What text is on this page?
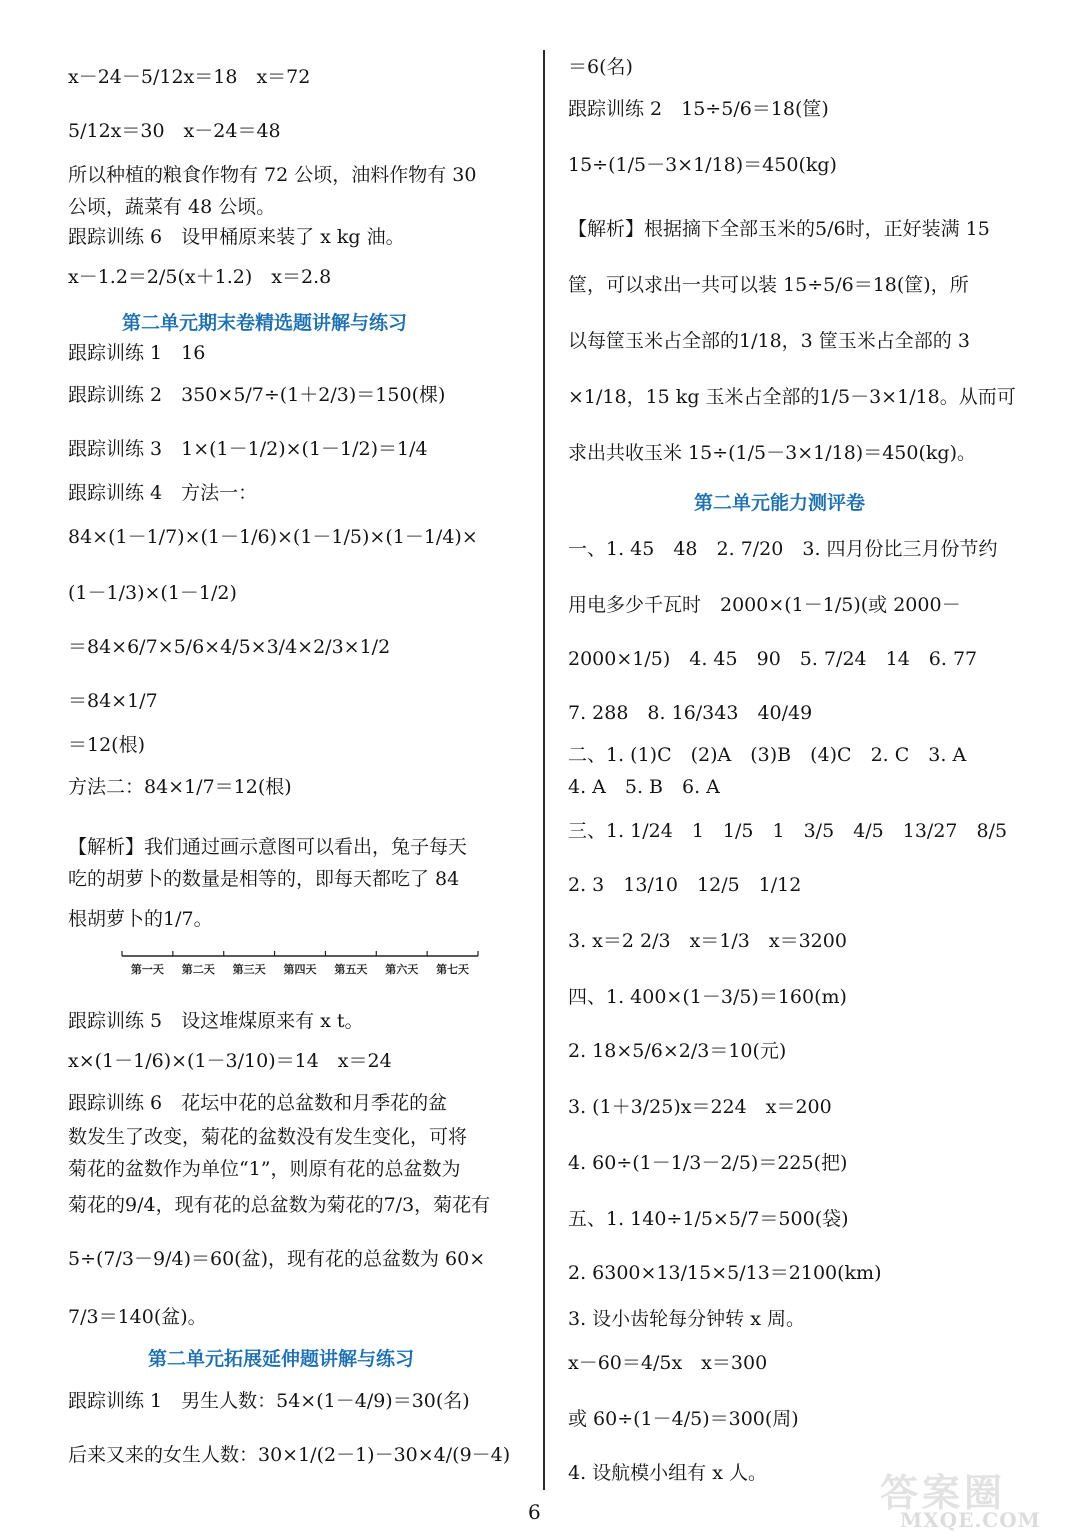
x－24－5/12x＝18　x＝72
5/12x＝30　x－24＝48
所以种植的粮食作物有 72 公顷，油料作物有 30
公顷，蔬菜有 48 公顷。
跟踪训练 6　设甲桶原来装了 x kg 油。
x－1.2＝2/5(x＋1.2)　x＝2.8
第二单元期末卷精选题讲解与练习
跟踪训练 1　16
跟踪训练 2　350×5/7÷(1＋2/3)＝150(棵)
跟踪训练 3　1×(1－1/2)×(1－1/2)＝1/4
跟踪训练 4　方法一：
84×(1－1/7)×(1－1/6)×(1－1/5)×(1－1/4)×
(1－1/3)×(1－1/2)
＝84×6/7×5/6×4/5×3/4×2/3×1/2
＝84×1/7
＝12(根)
方法二：84×1/7＝12(根)
【解析】我们通过画示意图可以看出，兔子每天
吃的胡萝卜的数量是相等的，即每天都吃了 84
根胡萝卜的1/7。
跟踪训练 5　设这堆煤原来有 x t。
x×(1－1/6)×(1－3/10)＝14　x＝24
跟踪训练 6　花坛中花的总盆数和月季花的盆
数发生了改变，菊花的盆数没有发生变化，可将
菊花的盆数作为单位“1”，则原有花的总盆数为
菊花的9/4，现有花的总盆数为菊花的7/3，菊花有
5÷(7/3－9/4)＝60(盆)，现有花的总盆数为 60×
7/3＝140(盆)。
第二单元拓展延伸题讲解与练习
跟踪训练 1　男生人数：54×(1－4/9)＝30(名)
后来又来的女生人数：30×1/(2－1)－30×4/(9－4)
＝6(名)
跟踪训练 2　15÷5/6＝18(筐)
15÷(1/5－3×1/18)＝450(kg)
【解析】根据摘下全部玉米的5/6时，正好装满 15
筐，可以求出一共可以装 15÷5/6＝18(筐)，所
以每筐玉米占全部的1/18，3 筐玉米占全部的 3
×1/18，15 kg 玉米占全部的1/5－3×1/18。从而可
求出共收玉米 15÷(1/5－3×1/18)＝450(kg)。
第二单元能力测评卷
一、1. 45　48　2. 7/20　3. 四月份比三月份节约
用电多少千瓦时　2000×(1－1/5)(或 2000－
2000×1/5)　4. 45　90　5. 7/24　14　6. 77
7. 288　8. 16/343　40/49
二、1. (1)C　(2)A　(3)B　(4)C　2. C　3. A
4. A　5. B　6. A
三、1. 1/24　1　1/5　1　3/5　4/5　13/27　8/5
2. 3　13/10　12/5　1/12
3. x＝2 2/3　x＝1/3　x＝3200
四、1. 400×(1－3/5)＝160(m)
2. 18×5/6×2/3＝10(元)
3. (1＋3/25)x＝224　x＝200
4. 60÷(1－1/3－2/5)＝225(把)
五、1. 140÷1/5×5/7＝500(袋)
2. 6300×13/15×5/13＝2100(km)
3. 设小齿轮每分钟转 x 周。
x－60＝4/5x　x＝300
或 60÷(1－4/5)＝300(周)
4. 设航模小组有 x 人。
第一天 第二天 第三天 第四天 第五天 第六天 第七天
6	答案圈
MXQE.COM
